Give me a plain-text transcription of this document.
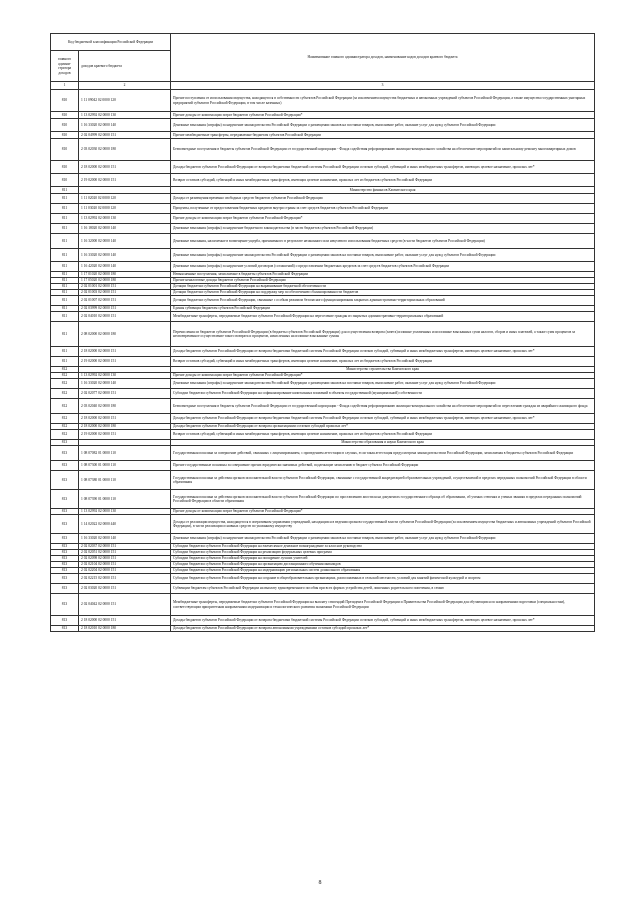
Код бюджетной классификации Российской Федерации		Наименование главного администратора доходов, наименование кодов доходов краевого бюджета
главного админи-стратора доходов	доходов краевого бюджета	
1	2	3
810	1 11 09042 02 0000 120	Прочие поступления от использования имущества, находящегося в собственности субъектов Российской Федерации (за исключением имущества бюджетных и автономных учреждений субъектов Российской Федерации, а также имущества государственных унитарных предприятий субъектов Российской Федерации, в том числе казенных)
810	1 13 02992 02 0000 130	Прочие доходы от компенсации затрат бюджетов субъектов Российской Федерации*
810	1 16 33020 02 0000 140	Денежные взыскания (штрафы) за нарушение законодательства Российской Федерации о размещении заказов на поставки товаров, выполнение работ, оказание услуг для нужд субъектов Российской Федерации
810	2 02 04999 02 0000 151	Прочие межбюджетные трансферты, передаваемые бюджетам субъектов Российской Федерации
810	2 03 02030 02 0000 180	Безвозмездные поступления в бюджеты субъектов Российской Федерации от государственной корпорации - Фонда содействия реформированию жилищно-коммунального хозяйства на обеспечение мероприятий по капитальному ремонту многоквартирных домов
810	2 18 02000 02 0000 151	Доходы бюджетов субъектов Российской Федерации от возврата бюджетами бюджетной системы Российской Федерации остатков субсидий, субвенций и иных межбюджетных трансфертов, имеющих целевое назначение, прошлых лет*
810	2 19 02000 02 0000 151	Возврат остатков субсидий, субвенций и иных межбюджетных трансфертов, имеющих целевое назначение, прошлых лет из бюджетов субъектов Российской Федерации
811		Министерство финансов Камчатского края
811	1 11 02020 02 0000 120	Доходы от размещения временно свободных средств бюджетов субъектов Российской Федерации
811	1 11 03020 02 0000 120	Проценты, полученные от предоставления бюджетных кредитов внутри страны за счет средств бюджетов субъектов Российской Федерации
811	1 13 02992 02 0000 130	Прочие доходы от компенсации затрат бюджетов субъектов Российской Федерации*
811	1 16 18020 02 0000 140	Денежные взыскания (штрафы) за нарушение бюджетного законодательства (в части бюджетов субъектов Российской Федерации)
811	1 16 32000 02 0000 140	Денежные взыскания, налагаемые в возмещение ущерба, причиненного в результате незаконного или нецелевого использования бюджетных средств (в части бюджетов субъектов Российской Федерации)
811	1 16 33020 02 0000 140	Денежные взыскания (штрафы) за нарушение законодательства Российской Федерации о размещении заказов на поставки товаров, выполнение работ, оказание услуг для нужд субъектов Российской Федерации
811	1 16 42020 02 0000 140	Денежные взыскания (штрафы) за нарушение условий договоров (соглашений) о предоставлении бюджетных кредитов за счет средств бюджетов субъектов Российской Федерации
811	1 17 01020 02 0000 180	Невыясненные поступления, зачисляемые в бюджеты субъектов Российской Федерации
811	1 17 05020 02 0000 180	Прочие неналоговые доходы бюджетов субъектов Российской Федерации
811	2 02 01001 02 0000 151	Дотации бюджетам субъектов Российской Федерации на выравнивание бюджетной обеспеченности
811	2 02 01003 02 0000 151	Дотации бюджетам субъектов Российской Федерации на поддержку мер по обеспечению сбалансированности бюджетов
811	2 02 01007 02 0000 151	Дотации бюджетам субъектов Российской Федерации, связанные с особым режимом безопасного функционирования закрытых административно-территориальных образований
811	2 02 03999 02 0000 151	Единая субвенция бюджетам субъектов Российской Федерации
811	2 02 04010 02 0000 151	Межбюджетные трансферты, передаваемые бюджетам субъектов Российской Федерации на переселение граждан из закрытых административно-территориальных образований
811	2 08 02000 02 0000 180	Перечисления из бюджетов субъектов Российской Федерации (в бюджеты субъектов Российской Федерации) для осуществления возврата (зачета) излишне уплаченных или излишне взысканных сумм налогов, сборов и иных платежей, а также сумм процентов за несвоевременное осуществление такого возврата и процентов, начисленных на излишне взысканные суммы
811	2 18 02000 02 0000 151	Доходы бюджетов субъектов Российской Федерации от возврата бюджетами бюджетной системы Российской Федерации остатков субсидий, субвенций и иных межбюджетных трансфертов, имеющих целевое назначение, прошлых лет*
811	2 19 02000 02 0000 151	Возврат остатков субсидий, субвенций и иных межбюджетных трансфертов, имеющих целевое назначение, прошлых лет из бюджетов субъектов Российской Федерации
812		Министерство строительства Камчатского края
812	1 13 02992 02 0000 130	Прочие доходы от компенсации затрат бюджетов субъектов Российской Федерации*
812	1 16 33020 02 0000 140	Денежные взыскания (штрафы) за нарушение законодательства Российской Федерации о размещении заказов на поставки товаров, выполнение работ, оказание услуг для нужд субъектов Российской Федерации
812	2 02 02077 02 0000 151	Субсидии бюджетам субъектов Российской Федерации на софинансирование капитальных вложений в объекты государственной (муниципальной) собственности
812	2 03 02040 02 0000 180	Безвозмездные поступления в бюджеты субъектов Российской Федерации от государственной корпорации - Фонда содействия реформированию жилищно-коммунального хозяйства на обеспечение мероприятий по переселению граждан из аварийного жилищного фонда
812	2 18 02000 02 0000 151	Доходы бюджетов субъектов Российской Федерации от возврата бюджетами бюджетной системы Российской Федерации остатков субсидий, субвенций и иных межбюджетных трансфертов, имеющих целевое назначение, прошлых лет*
812	2 18 02000 02 0000 180	Доходы бюджетов субъектов Российской Федерации от возврата организациями остатков субсидий прошлых лет*
812	2 19 02000 02 0000 151	Возврат остатков субсидий, субвенций и иных межбюджетных трансфертов, имеющих целевое назначение, прошлых лет из бюджетов субъектов Российской Федерации
813		Министерство образования и науки Камчатского края
813	1 08 07082 01 0000 110	Государственная пошлина за совершение действий, связанных с лицензированием, с проведением аттестации в случаях, если такая аттестация предусмотрена законодательством Российской Федерации, зачисляемая в бюджеты субъектов Российской Федерации
813	1 08 07300 01 0000 110	Прочие государственные пошлины за совершение прочих юридически значимых действий, подлежащие зачислению в бюджет субъекта Российской Федерации
813	1 08 07380 01 0000 110	Государственная пошлина за действия органов исполнительной власти субъектов Российской Федерации, связанные с государственной аккредитацией образовательных учреждений, осуществляемой в пределах переданных полномочий Российской Федерации в области образования
813	1 08 07390 01 0000 110	Государственная пошлина за действия органов исполнительной власти субъектов Российской Федерации по проставлению апостиля на документах государственного образца об образовании, об ученых степенях и ученых званиях в пределах переданных полномочий Российской Федерации в области образования
813	1 13 02992 02 0000 130	Прочие доходы от компенсации затрат бюджетов субъектов Российской Федерации*
813	1 14 02022 02 0000 440	Доходы от реализации имущества, находящегося в оперативном управлении учреждений, находящихся в ведении органов государственной власти субъектов Российской Федерации (за исключением имущества бюджетных и автономных учреждений субъектов Российской Федерации), в части реализации основных средств по указанному имуществу
813	1 16 33020 02 0000 140	Денежные взыскания (штрафы) за нарушение законодательства Российской Федерации о размещении заказов на поставки товаров, выполнение работ, оказание услуг для нужд субъектов Российской Федерации
813	2 02 02037 02 0000 151	Субсидии бюджетам субъектов Российской Федерации на ежемесячное денежное вознаграждение за классное руководство
813	2 02 02051 02 0000 151	Субсидии бюджетам субъектов Российской Федерации на реализацию федеральных целевых программ
813	2 02 02098 02 0000 151	Субсидии бюджетам субъектов Российской Федерации на поощрение лучших учителей
813	2 02 02104 02 0000 151	Субсидии бюджетам субъектов Российской Федерации на организацию дистанционного обучения инвалидов
813	2 02 02204 02 0000 151	Субсидии бюджетам субъектов Российской Федерации на модернизацию региональных систем дошкольного образования
813	2 02 02215 02 0000 151	Субсидии бюджетам субъектов Российской Федерации на создание в общеобразовательных организациях, расположенных в сельской местности, условий для занятий физической культурой и спортом
813	2 02 03020 02 0000 151	Субвенции бюджетам субъектов Российской Федерации на выплату единовременного пособия при всех формах устройства детей, лишенных родительского попечения, в семью
813	2 02 04042 02 0000 151	Межбюджетные трансферты, передаваемые бюджетам субъектов Российской Федерации на выплату стипендий Президента Российской Федерации и Правительства Российской Федерации для обучающихся по направлениям подготовки (специальностям), соответствующим приоритетным направлениям модернизации и технологического развития экономики Российской Федерации
813	2 18 02000 02 0000 151	Доходы бюджетов субъектов Российской Федерации от возврата бюджетами бюджетной системы Российской Федерации остатков субсидий, субвенций и иных межбюджетных трансфертов, имеющих целевое назначение, прошлых лет*
813	2 18 02010 02 0000 180	Доходы бюджетов субъектов Российской Федерации от возврата автономными учреждениями остатков субсидий прошлых лет*
8
